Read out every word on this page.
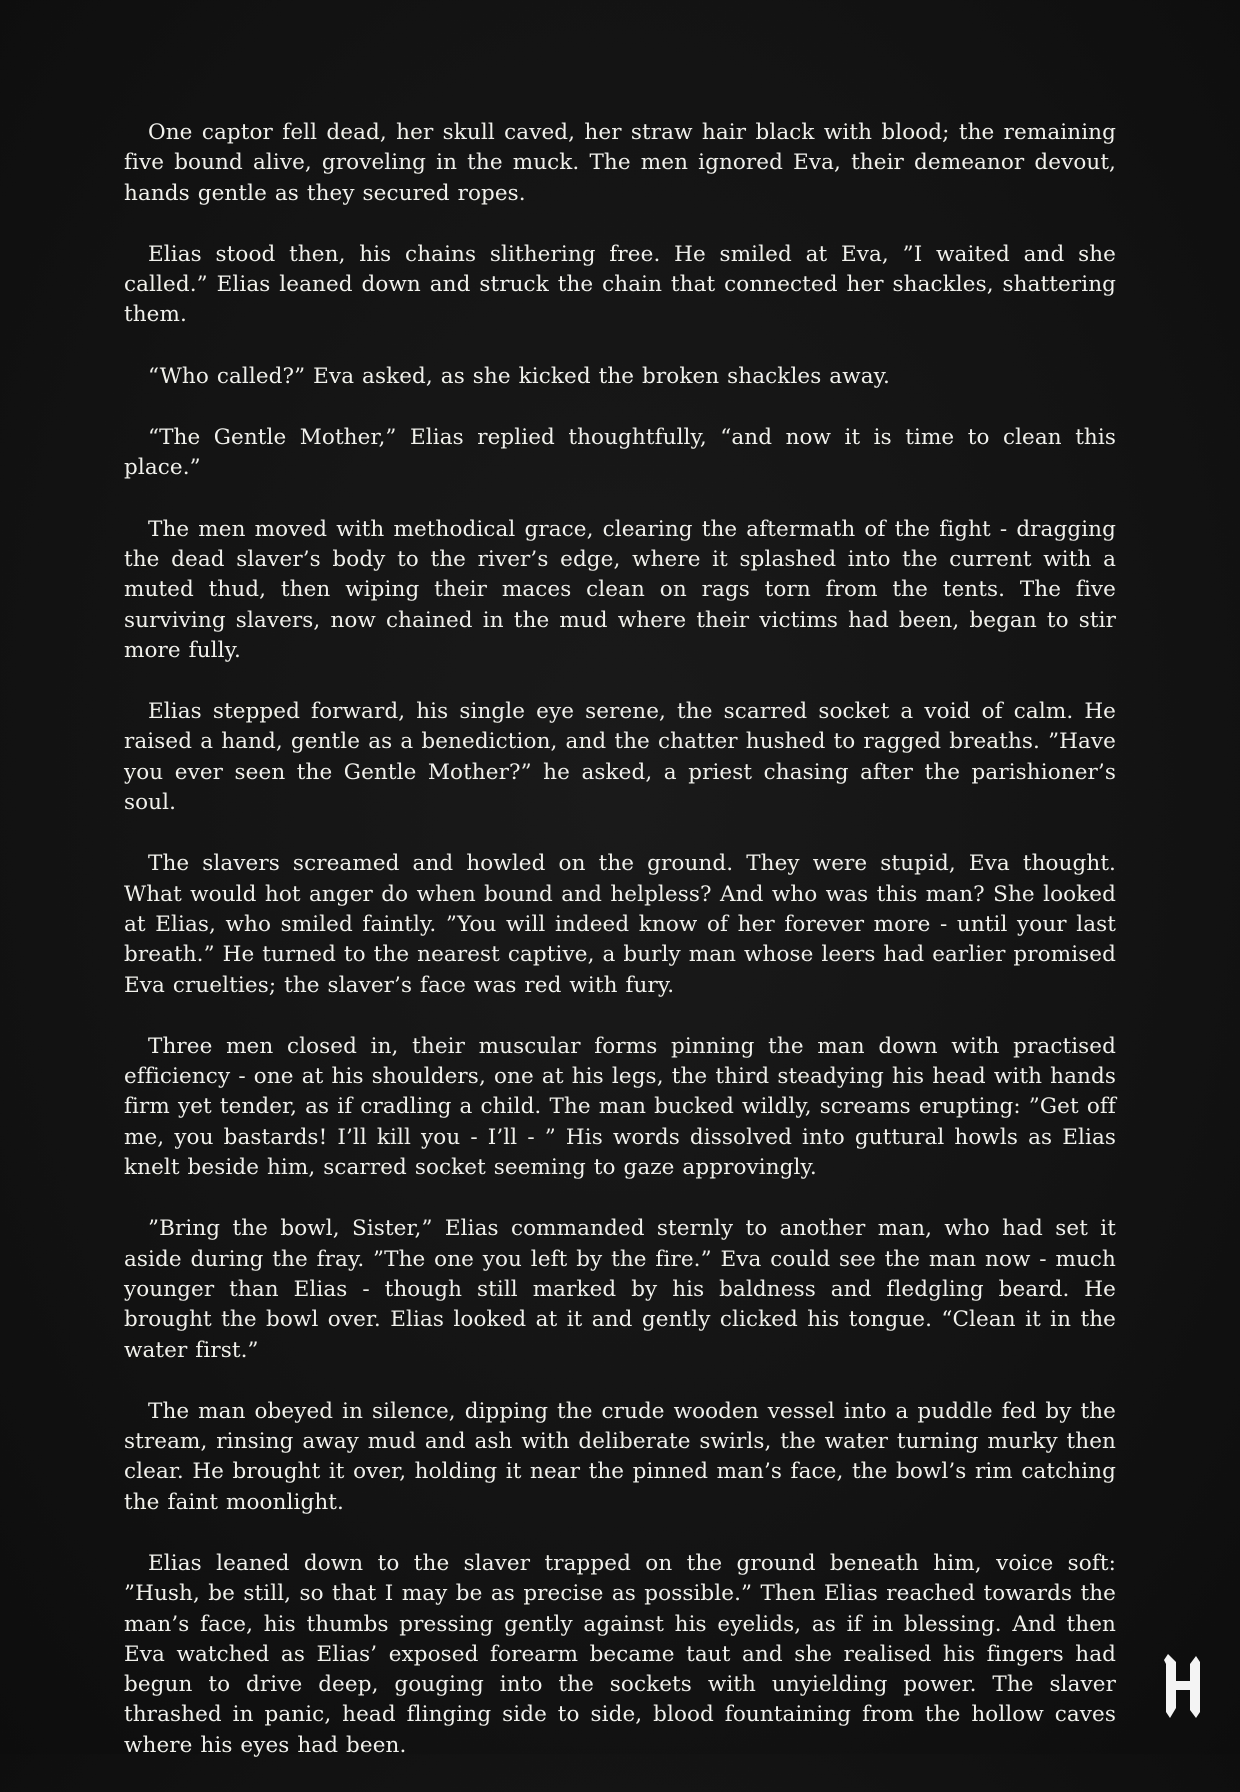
One captor fell dead, her skull caved, her straw hair black with blood; the remaining five bound alive, groveling in the muck. The men ignored Eva, their demeanor devout, hands gentle as they secured ropes.

Elias stood then, his chains slithering free. He smiled at Eva, ”I waited and she called.” Elias leaned down and struck the chain that connected her shackles, shattering them.

“Who called?” Eva asked, as she kicked the broken shackles away.

“The Gentle Mother,” Elias replied thoughtfully, “and now it is time to clean this place.”

The men moved with methodical grace, clearing the aftermath of the fight - dragging the dead slaver’s body to the river’s edge, where it splashed into the current with a muted thud, then wiping their maces clean on rags torn from the tents. The five surviving slavers, now chained in the mud where their victims had been, began to stir more fully.

Elias stepped forward, his single eye serene, the scarred socket a void of calm. He raised a hand, gentle as a benediction, and the chatter hushed to ragged breaths. ”Have you ever seen the Gentle Mother?” he asked, a priest chasing after the parishioner’s soul.

The slavers screamed and howled on the ground. They were stupid, Eva thought. What would hot anger do when bound and helpless? And who was this man? She looked at Elias, who smiled faintly. ”You will indeed know of her forever more - until your last breath.” He turned to the nearest captive, a burly man whose leers had earlier promised Eva cruelties; the slaver’s face was red with fury.

Three men closed in, their muscular forms pinning the man down with practised efficiency - one at his shoulders, one at his legs, the third steadying his head with hands firm yet tender, as if cradling a child. The man bucked wildly, screams erupting: ”Get off me, you bastards! I’ll kill you - I’ll - ” His words dissolved into guttural howls as Elias knelt beside him, scarred socket seeming to gaze approvingly.

”Bring the bowl, Sister,” Elias commanded sternly to another man, who had set it aside during the fray. ”The one you left by the fire.” Eva could see the man now - much younger than Elias - though still marked by his baldness and fledgling beard. He brought the bowl over. Elias looked at it and gently clicked his tongue. “Clean it in the water first.”

The man obeyed in silence, dipping the crude wooden vessel into a puddle fed by the stream, rinsing away mud and ash with deliberate swirls, the water turning murky then clear. He brought it over, holding it near the pinned man’s face, the bowl’s rim catching the faint moonlight.

Elias leaned down to the slaver trapped on the ground beneath him, voice soft: ”Hush, be still, so that I may be as precise as possible.” Then Elias reached towards the man’s face, his thumbs pressing gently against his eyelids, as if in blessing. And then Eva watched as Elias’ exposed forearm became taut and she realised his fingers had begun to drive deep, gouging into the sockets with unyielding power. The slaver thrashed in panic, head flinging side to side, blood fountaining from the hollow caves where his eyes had been.
